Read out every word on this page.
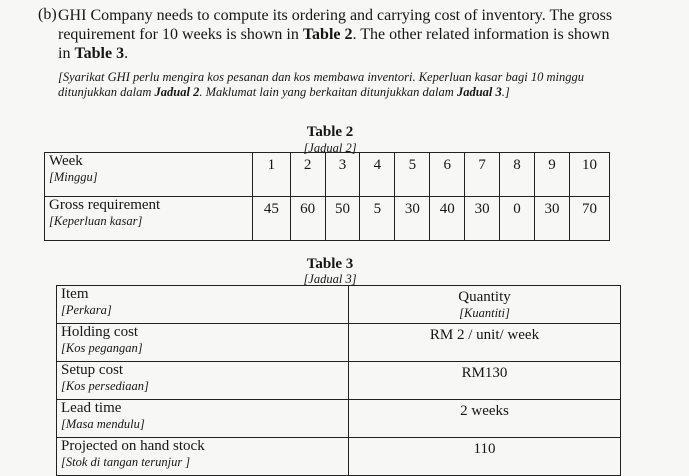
(b) GHI Company needs to compute its ordering and carrying cost of inventory. The gross
requirement for 10 weeks is shown in Table 2. The other related information is shown
in Table 3.
[Syarikat GHI perlu mengira kos pesanan dan kos membawa inventori. Keperluan kasar bagi 10 minggu
ditunjukkan dalam Jadual 2. Maklumat lain yang berkaitan ditunjukkan dalam Jadual 3.]
Table 2
[Jadual 2]
Week
[Minggu]	1	2	3	4	5	6	7	8	9	10

Gross requirement
[Keperluan kasar]	45	60	50	5	30	40	30	0	30	70
Table 3
[Jadual 3]
Item
[Perkara]	Quantity
[Kuantiti]

Holding cost
[Kos pegangan]	RM 2 / unit/ week

Setup cost
[Kos persediaan]	RM130

Lead time
[Masa mendulu]	2 weeks

Projected on hand stock
[Stok di tangan terunjur ]	110
